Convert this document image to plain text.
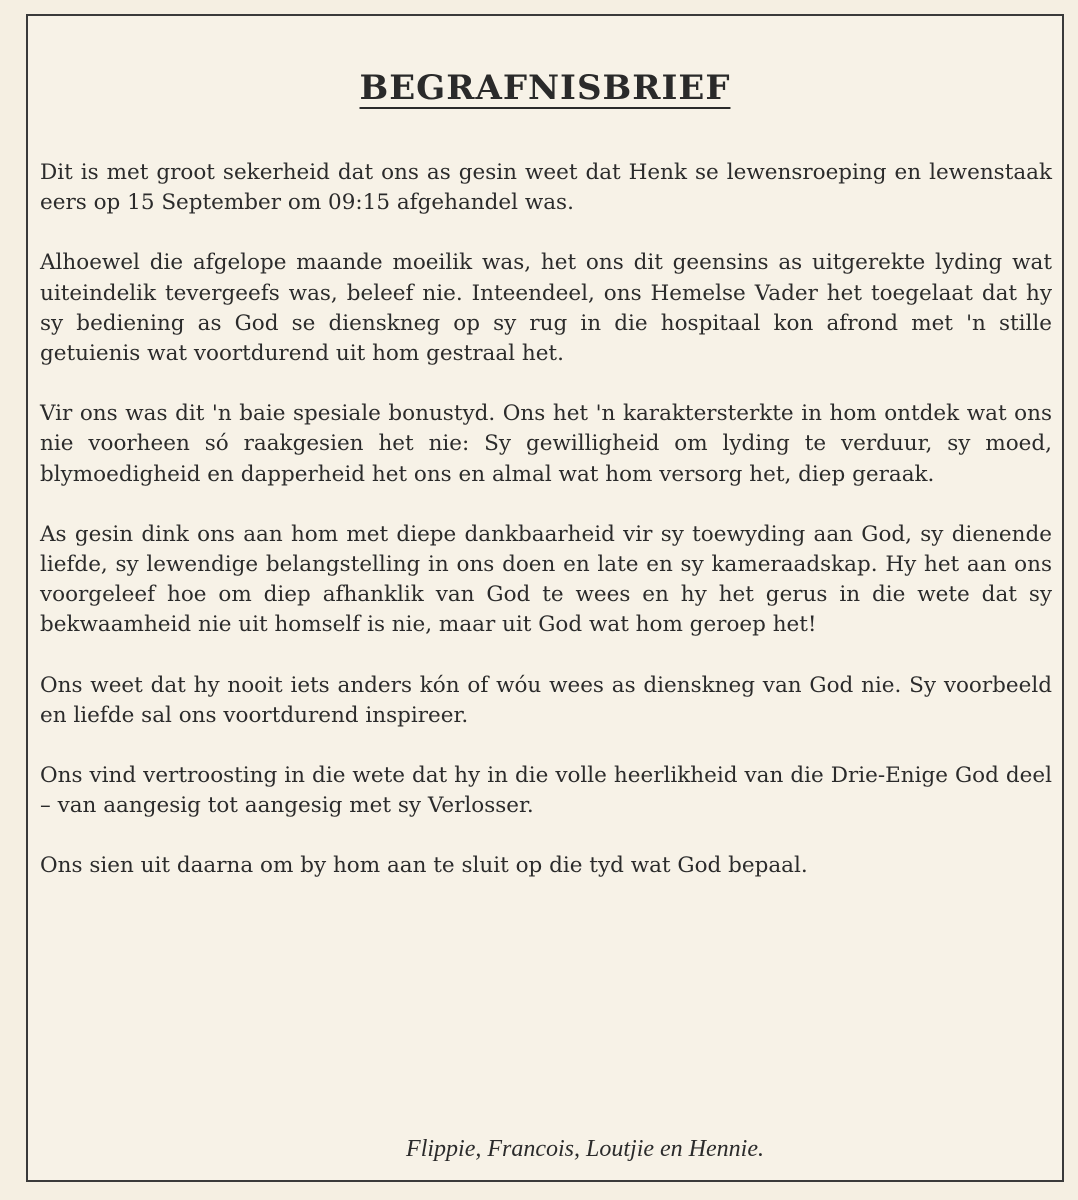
BEGRAFNISBRIEF

Dit is met groot sekerheid dat ons as gesin weet dat Henk se lewensroeping en lewenstaak eers op 15 September om 09:15 afgehandel was.

Alhoewel die afgelope maande moeilik was, het ons dit geensins as uitgerekte lyding wat uiteindelik tevergeefs was, beleef nie. Inteendeel, ons Hemelse Vader het toegelaat dat hy sy bediening as God se dienskneg op sy rug in die hospitaal kon afrond met 'n stille getuienis wat voortdurend uit hom gestraal het.

Vir ons was dit 'n baie spesiale bonustyd. Ons het 'n karaktersterkte in hom ontdek wat ons nie voorheen só raakgesien het nie: Sy gewilligheid om lyding te verduur, sy moed, blymoedigheid en dapperheid het ons en almal wat hom versorg het, diep geraak.

As gesin dink ons aan hom met diepe dankbaarheid vir sy toewyding aan God, sy dienende liefde, sy lewendige belangstelling in ons doen en late en sy kameraadskap. Hy het aan ons voorgeleef hoe om diep afhanklik van God te wees en hy het gerus in die wete dat sy bekwaamheid nie uit homself is nie, maar uit God wat hom geroep het!

Ons weet dat hy nooit iets anders kón of wóu wees as dienskneg van God nie. Sy voorbeeld en liefde sal ons voortdurend inspireer.

Ons vind vertroosting in die wete dat hy in die volle heerlikheid van die Drie-Enige God deel – van aangesig tot aangesig met sy Verlosser.

Ons sien uit daarna om by hom aan te sluit op die tyd wat God bepaal.

Flippie, Francois, Loutjie en Hennie.
